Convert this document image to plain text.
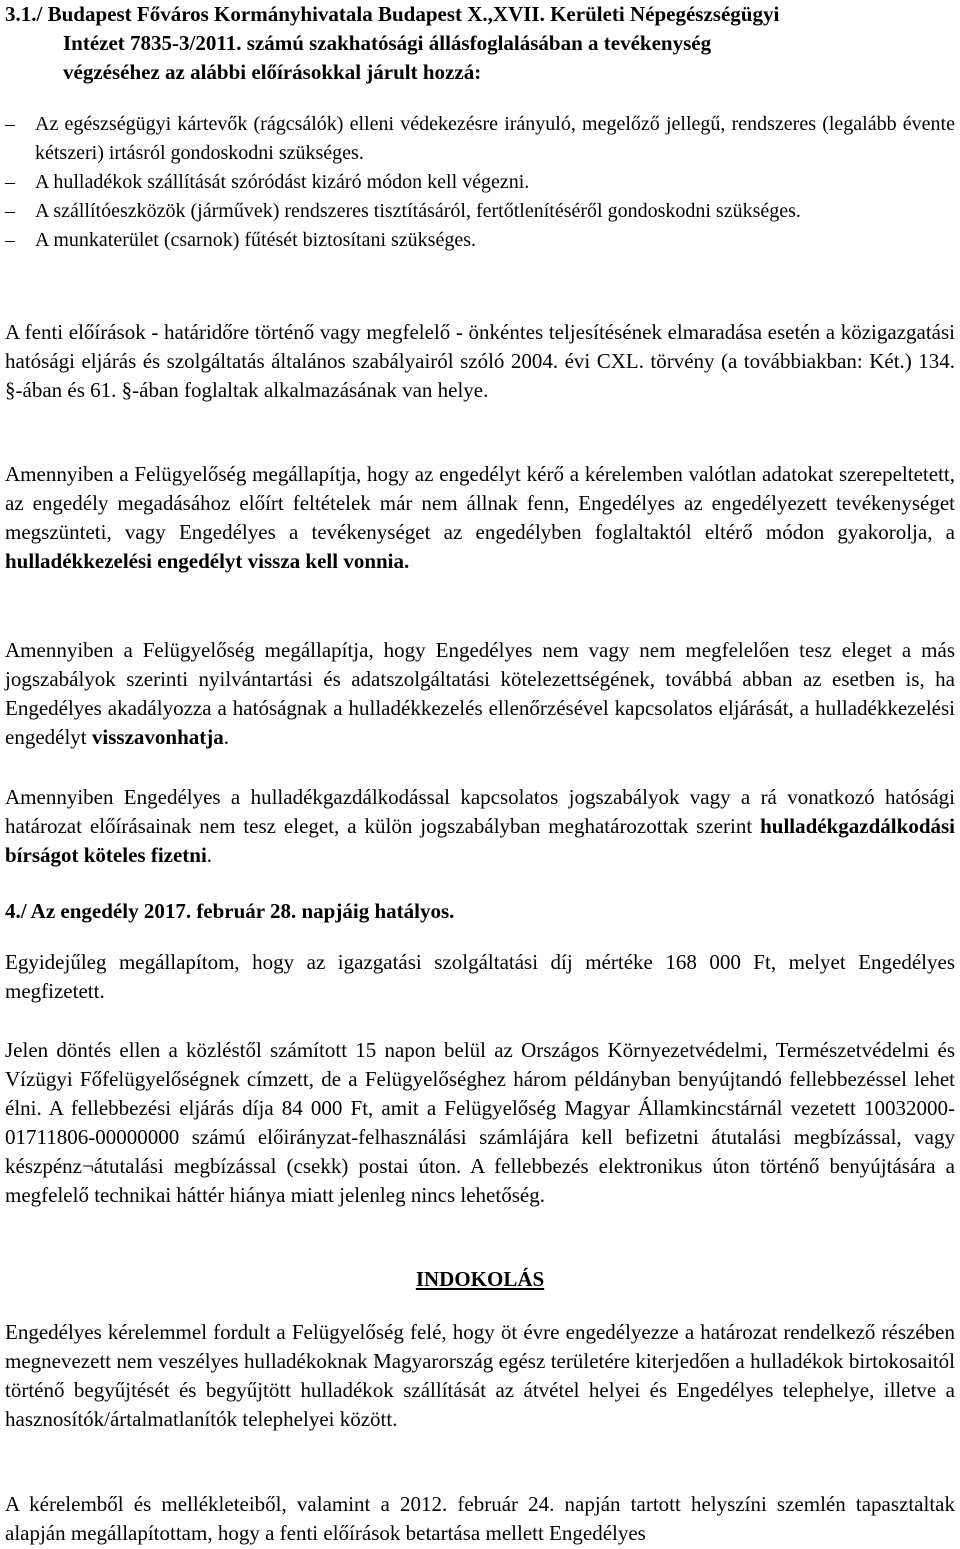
3.1./ Budapest Főváros Kormányhivatala Budapest X.,XVII. Kerületi Népegészségügyi

Intézet 7835-3/2011. számú szakhatósági állásfoglalásában a tevékenység

végzéséhez az alábbi előírásokkal járult hozzá:

– Az egészségügyi kártevők (rágcsálók) elleni védekezésre irányuló, megelőző jellegű, rendszeres (legalább évente kétszeri) irtásról gondoskodni szükséges.
– A hulladékok szállítását szóródást kizáró módon kell végezni.
– A szállítóeszközök (járművek) rendszeres tisztításáról, fertőtlenítéséről gondoskodni szükséges.
– A munkaterület (csarnok) fűtését biztosítani szükséges.

A fenti előírások - határidőre történő vagy megfelelő - önkéntes teljesítésének elmaradása esetén a közigazgatási hatósági eljárás és szolgáltatás általános szabályairól szóló 2004. évi CXL. törvény (a továbbiakban: Két.) 134. §-ában és 61. §-ában foglaltak alkalmazásának van helye.

Amennyiben a Felügyelőség megállapítja, hogy az engedélyt kérő a kérelemben valótlan adatokat szerepeltetett, az engedély megadásához előírt feltételek már nem állnak fenn, Engedélyes az engedélyezett tevékenységet megszünteti, vagy Engedélyes a tevékenységet az engedélyben foglaltaktól eltérő módon gyakorolja, a hulladékkezelési engedélyt vissza kell vonnia.

Amennyiben a Felügyelőség megállapítja, hogy Engedélyes nem vagy nem megfelelően tesz eleget a más jogszabályok szerinti nyilvántartási és adatszolgáltatási kötelezettségének, továbbá abban az esetben is, ha Engedélyes akadályozza a hatóságnak a hulladékkezelés ellenőrzésével kapcsolatos eljárását, a hulladékkezelési engedélyt visszavonhatja.

Amennyiben Engedélyes a hulladékgazdálkodással kapcsolatos jogszabályok vagy a rá vonatkozó hatósági határozat előírásainak nem tesz eleget, a külön jogszabályban meghatározottak szerint hulladékgazdálkodási bírságot köteles fizetni.

4./ Az engedély 2017. február 28. napjáig hatályos.

Egyidejűleg megállapítom, hogy az igazgatási szolgáltatási díj mértéke 168 000 Ft, melyet Engedélyes megfizetett.

Jelen döntés ellen a közléstől számított 15 napon belül az Országos Környezetvédelmi, Természetvédelmi és Vízügyi Főfelügyelőségnek címzett, de a Felügyelőséghez három példányban benyújtandó fellebbezéssel lehet élni. A fellebbezési eljárás díja 84 000 Ft, amit a Felügyelőség Magyar Államkincstárnál vezetett 10032000-01711806-00000000 számú előirányzat-felhasználási számlájára kell befizetni átutalási megbízással, vagy készpénz¬átutalási megbízással (csekk) postai úton. A fellebbezés elektronikus úton történő benyújtására a megfelelő technikai háttér hiánya miatt jelenleg nincs lehetőség.

INDOKOLÁS

Engedélyes kérelemmel fordult a Felügyelőség felé, hogy öt évre engedélyezze a határozat rendelkező részében megnevezett nem veszélyes hulladékoknak Magyarország egész területére kiterjedően a hulladékok birtokosaitól történő begyűjtését és begyűjtött hulladékok szállítását az átvétel helyei és Engedélyes telephelye, illetve a hasznosítók/ártalmatlanítók telephelyei között.

A kérelemből és mellékleteiből, valamint a 2012. február 24. napján tartott helyszíni szemlén tapasztaltak alapján megállapítottam, hogy a fenti előírások betartása mellett Engedélyes
